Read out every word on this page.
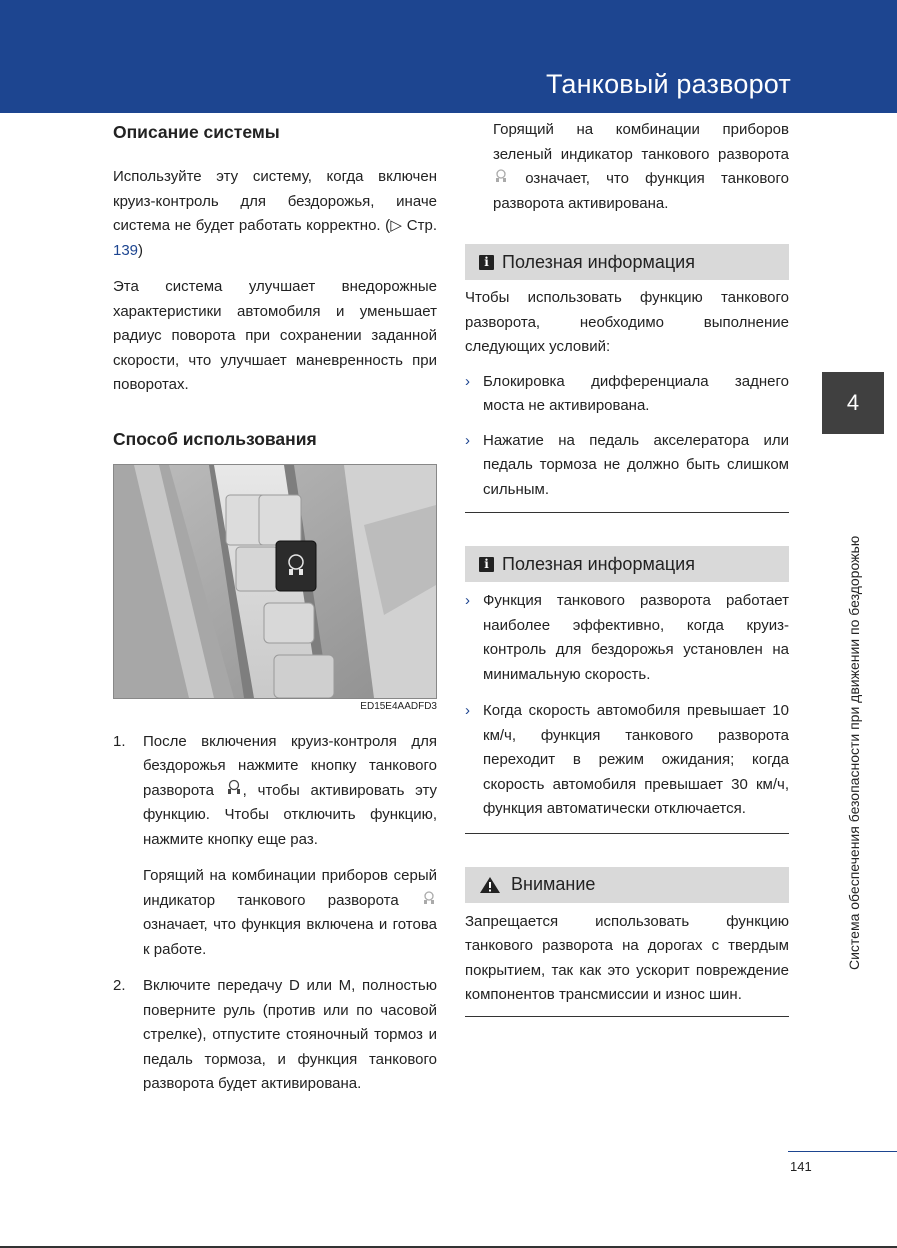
Танковый разворот
Описание системы

Используйте эту систему, когда включен круиз-контроль для бездорожья, иначе система не будет работать корректно. (▷ Стр. 139)

Эта система улучшает внедорожные характеристики автомобиля и уменьшает радиус поворота при сохранении заданной скорости, что улучшает маневренность при поворотах.

Способ использования
ED15E4AADFD3
1. После включения круиз-контроля для бездорожья нажмите кнопку танкового разворота , чтобы активировать эту функцию. Чтобы отключить функцию, нажмите кнопку еще раз.

Горящий на комбинации приборов серый индикатор танкового разворота  означает, что функция включена и готова к работе.

2. Включите передачу D или M, полностью поверните руль (против или по часовой стрелке), отпустите стояночный тормоз и педаль тормоза, и функция танкового разворота будет активирована.

Горящий на комбинации приборов зеленый индикатор танкового разворота  означает, что функция танкового разворота активирована.

i Полезная информация

Чтобы использовать функцию танкового разворота, необходимо выполнение следующих условий:

› Блокировка дифференциала заднего моста не активирована.

› Нажатие на педаль акселератора или педаль тормоза не должно быть слишком сильным.

i Полезная информация
› Функция танкового разворота работает наиболее эффективно, когда круиз-контроль для бездорожья установлен на минимальную скорость.

› Когда скорость автомобиля превышает 10 км/ч, функция танкового разворота переходит в режим ожидания; когда скорость автомобиля превышает 30 км/ч, функция автоматически отключается.

Внимание

Запрещается использовать функцию танкового разворота на дорогах с твердым покрытием, так как это ускорит повреждение компонентов трансмиссии и износ шин.

4
Система обеспечения безопасности при движении по бездорожью
141
